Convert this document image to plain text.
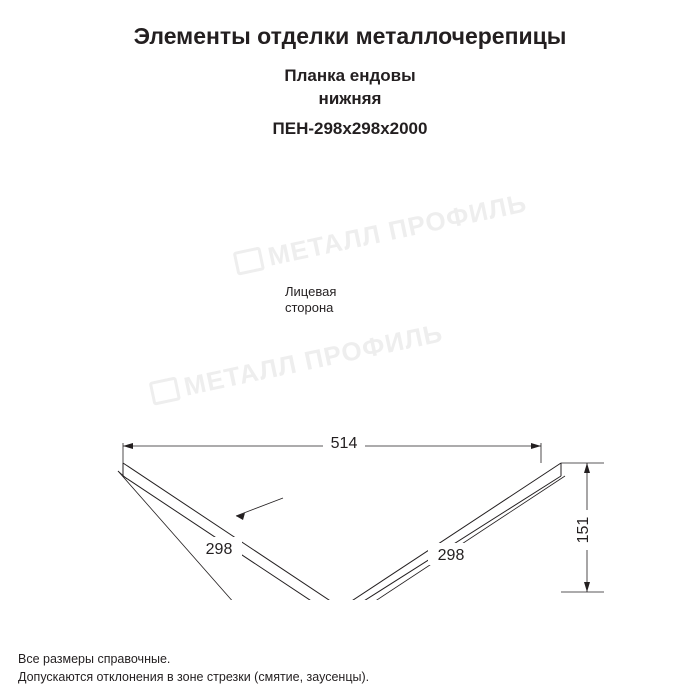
Элементы отделки металлочерепицы
Планка ендовы
нижняя
ПЕН-298х298х2000
МЕТАЛЛ ПРОФИЛЬ
МЕТАЛЛ ПРОФИЛЬ
514
151
298	298
Лицевая
сторона
Все размеры справочные.
Допускаются отклонения в зоне стрезки (смятие, заусенцы).
